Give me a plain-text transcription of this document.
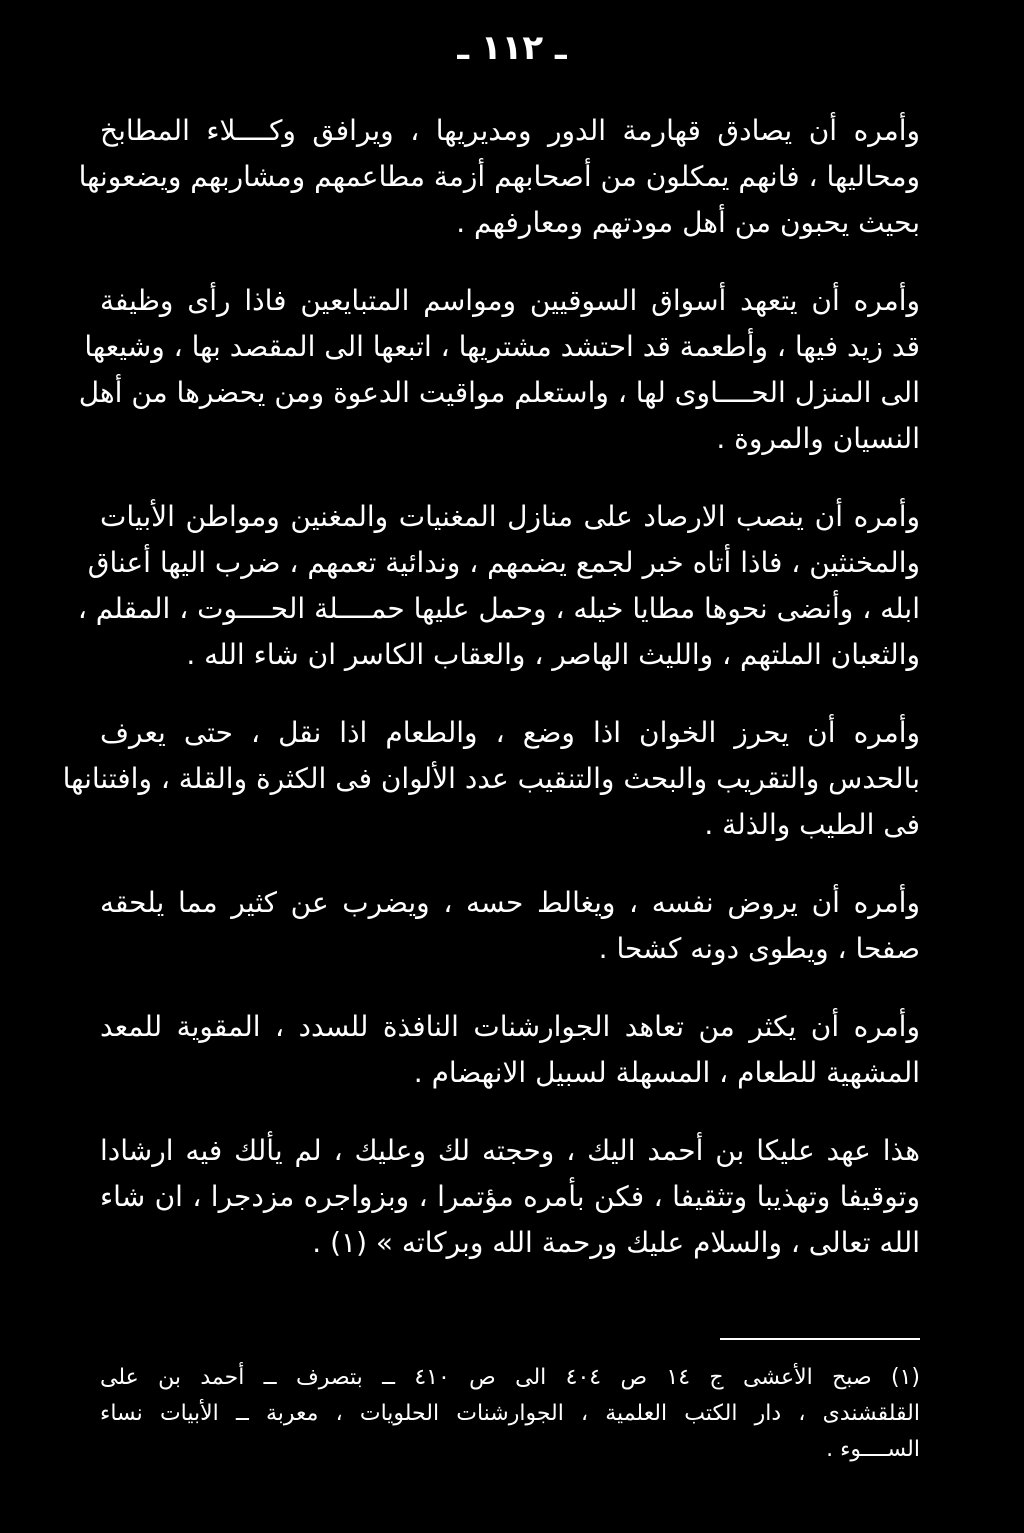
ـ ١١٢ ـ
وأمره أن يصادق قهارمة الدور ومديريها ، ويرافق وكــــلاء المطابخ
ومحاليها ، فانهم يمكلون من أصحابهم أزمة مطاعمهم ومشاربهم ويضعونها
بحيث يحبون من أهل مودتهم ومعارفهم .
وأمره أن يتعهد أسواق السوقيين ومواسم المتبايعين فاذا رأى وظيفة
قد زيد فيها ، وأطعمة قد احتشد مشتريها ، اتبعها الى المقصد بها ، وشيعها
الى المنزل الحــــاوى لها ، واستعلم مواقيت الدعوة ومن يحضرها من أهل
النسيان والمروة .
وأمره أن ينصب الارصاد على منازل المغنيات والمغنين ومواطن الأبيات
والمخنثين ، فاذا أتاه خبر لجمع يضمهم ، وندائية تعمهم ، ضرب اليها أعناق
ابله ، وأنضى نحوها مطايا خيله ، وحمل عليها حمــــلة الحــــوت ، المقلم ،
والثعبان الملتهم ، والليث الهاصر ، والعقاب الكاسر ان شاء الله .
وأمره أن يحرز الخوان اذا وضع ، والطعام اذا نقل ، حتى يعرف
بالحدس والتقريب والبحث والتنقيب عدد الألوان فى الكثرة والقلة ، وافتنانها
فى الطيب والذلة .
وأمره أن يروض نفسه ، ويغالط حسه ، ويضرب عن كثير مما يلحقه
صفحا ، ويطوى دونه كشحا .
وأمره أن يكثر من تعاهد الجوارشنات النافذة للسدد ، المقوية للمعد
المشهية للطعام ، المسهلة لسبيل الانهضام .
هذا عهد عليكا بن أحمد اليك ، وحجته لك وعليك ، لم يألك فيه ارشادا
وتوقيفا وتهذيبا وتثقيفا ، فكن بأمره مؤتمرا ، وبزواجره مزدجرا ، ان شاء
الله تعالى ، والسلام عليك ورحمة الله وبركاته » (١) .
(١) صبح الأعشى ج ١٤ ص ٤٠٤ الى ص ٤١٠ ــ بتصرف ــ أحمد بن على
القلقشندى ، دار الكتب العلمية ، الجوارشنات الحلويات ، معربة ــ الأبيات نساء
الســــوء .
